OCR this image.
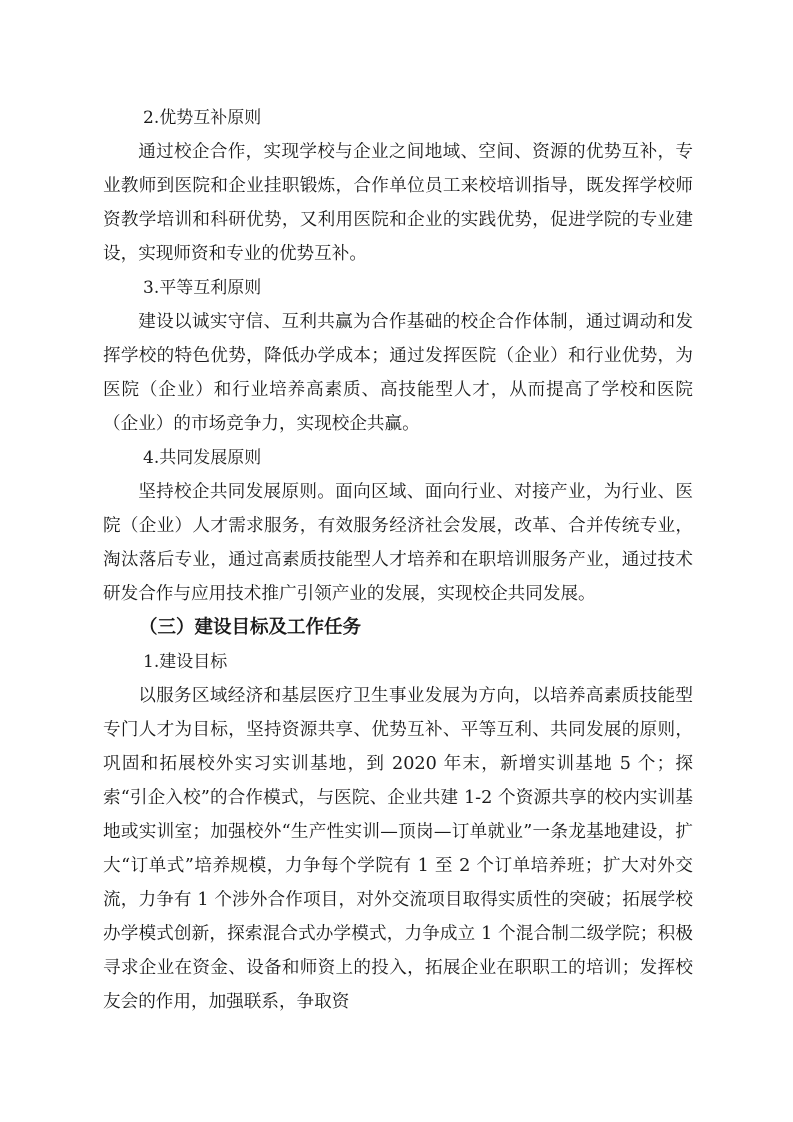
2.优势互补原则

通过校企合作，实现学校与企业之间地域、空间、资源的优势互补，专业教师到医院和企业挂职锻炼，合作单位员工来校培训指导，既发挥学校师资教学培训和科研优势，又利用医院和企业的实践优势，促进学院的专业建设，实现师资和专业的优势互补。

3.平等互利原则

建设以诚实守信、互利共赢为合作基础的校企合作体制，通过调动和发挥学校的特色优势，降低办学成本；通过发挥医院（企业）和行业优势，为医院（企业）和行业培养高素质、高技能型人才，从而提高了学校和医院（企业）的市场竞争力，实现校企共赢。

4.共同发展原则

坚持校企共同发展原则。面向区域、面向行业、对接产业，为行业、医院（企业）人才需求服务，有效服务经济社会发展，改革、合并传统专业，淘汰落后专业，通过高素质技能型人才培养和在职培训服务产业，通过技术研发合作与应用技术推广引领产业的发展，实现校企共同发展。

（三）建设目标及工作任务
1.建设目标

以服务区域经济和基层医疗卫生事业发展为方向，以培养高素质技能型专门人才为目标，坚持资源共享、优势互补、平等互利、共同发展的原则，巩固和拓展校外实习实训基地，到 2020 年末，新增实训基地 5 个；探索“引企入校”的合作模式，与医院、企业共建 1-2 个资源共享的校内实训基地或实训室；加强校外“生产性实训—顶岗—订单就业”一条龙基地建设，扩大“订单式”培养规模，力争每个学院有 1 至 2 个订单培养班；扩大对外交流，力争有 1 个涉外合作项目，对外交流项目取得实质性的突破；拓展学校办学模式创新，探索混合式办学模式，力争成立 1 个混合制二级学院；积极寻求企业在资金、设备和师资上的投入，拓展企业在职职工的培训；发挥校友会的作用，加强联系，争取资
